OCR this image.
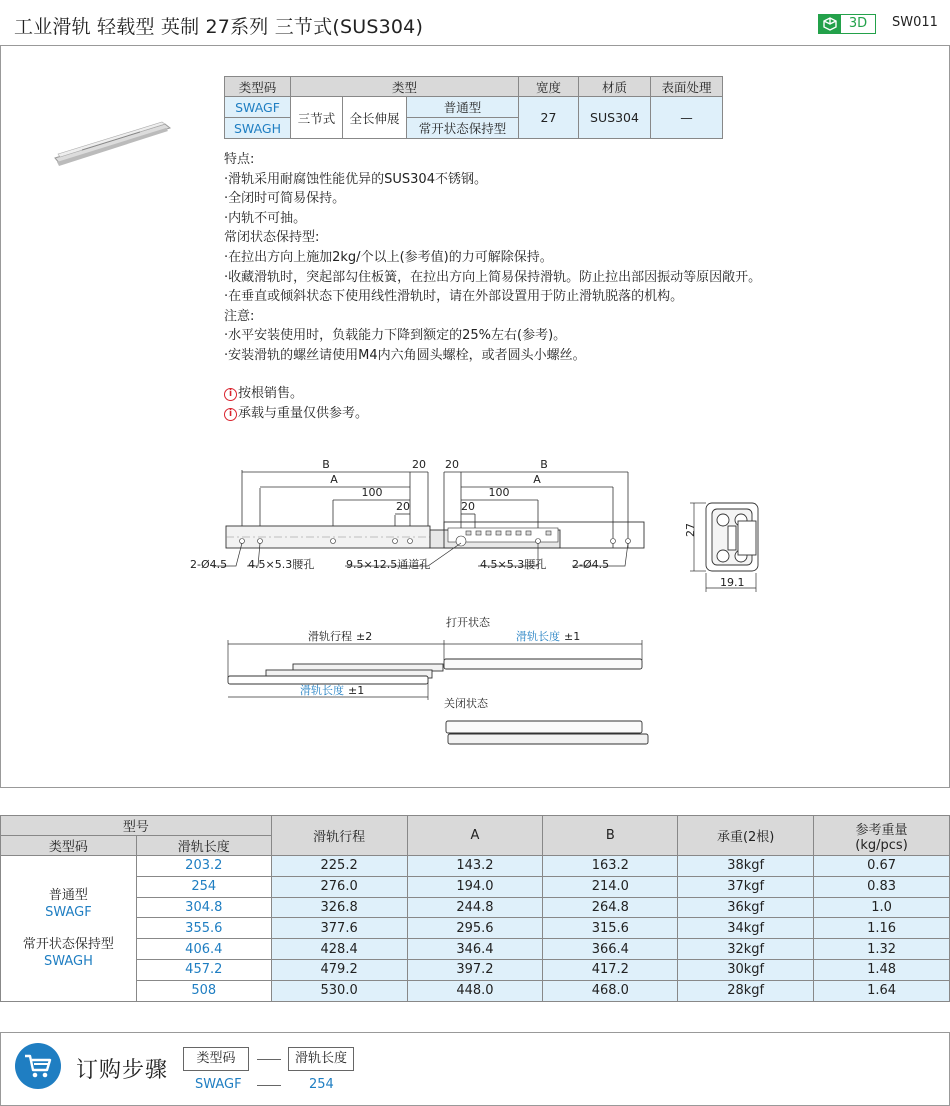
工业滑轨 轻载型 英制 27系列 三节式(SUS304)	3D	SW011
类型码	类型			宽度	材质	表面处理
SWAGF	三节式	全长伸展	普通型	27	SUS304	—
SWAGH			常开状态保持型			
特点:
·滑轨采用耐腐蚀性能优异的SUS304不锈钢。
·全闭时可简易保持。
·内轨不可抽。
常闭状态保持型:
·在拉出方向上施加2kg/个以上(参考值)的力可解除保持。
·收藏滑轨时，突起部勾住板簧，在拉出方向上简易保持滑轨。防止拉出部因振动等原因敞开。
·在垂直或倾斜状态下使用线性滑轨时，请在外部设置用于防止滑轨脱落的机构。
注意:
·水平安装使用时，负载能力下降到额定的25%左右(参考)。
·安装滑轨的螺丝请使用M4内六角圆头螺栓，或者圆头小螺丝。
i 按根销售。
i 承载与重量仅供参考。
B
A
100
20
20 20	B
A
100
20
2-Ø4.5 4.5×5.3腰孔	9.5×12.5通道孔	4.5×5.3腰孔 2-Ø4.5
27
19.1
打开状态
滑轨行程 ±2	滑轨长度 ±1
滑轨长度 ±1
关闭状态
型号		滑轨行程	A	B	承重(2根)	参考重量
(kg/pcs)

类型码	滑轨长度					

普通型
SWAGF
常开状态保持型
SWAGH	203.2	225.2	143.2	163.2	38kgf	0.67
	254	276.0	194.0	214.0	37kgf	0.83
	304.8	326.8	244.8	264.8	36kgf	1.0
	355.6	377.6	295.6	315.6	34kgf	1.16
	406.4	428.4	346.4	366.4	32kgf	1.32
	457.2	479.2	397.2	417.2	30kgf	1.48
	508	530.0	448.0	468.0	28kgf	1.64
订购步骤	类型码	滑轨长度
SWAGF	254
